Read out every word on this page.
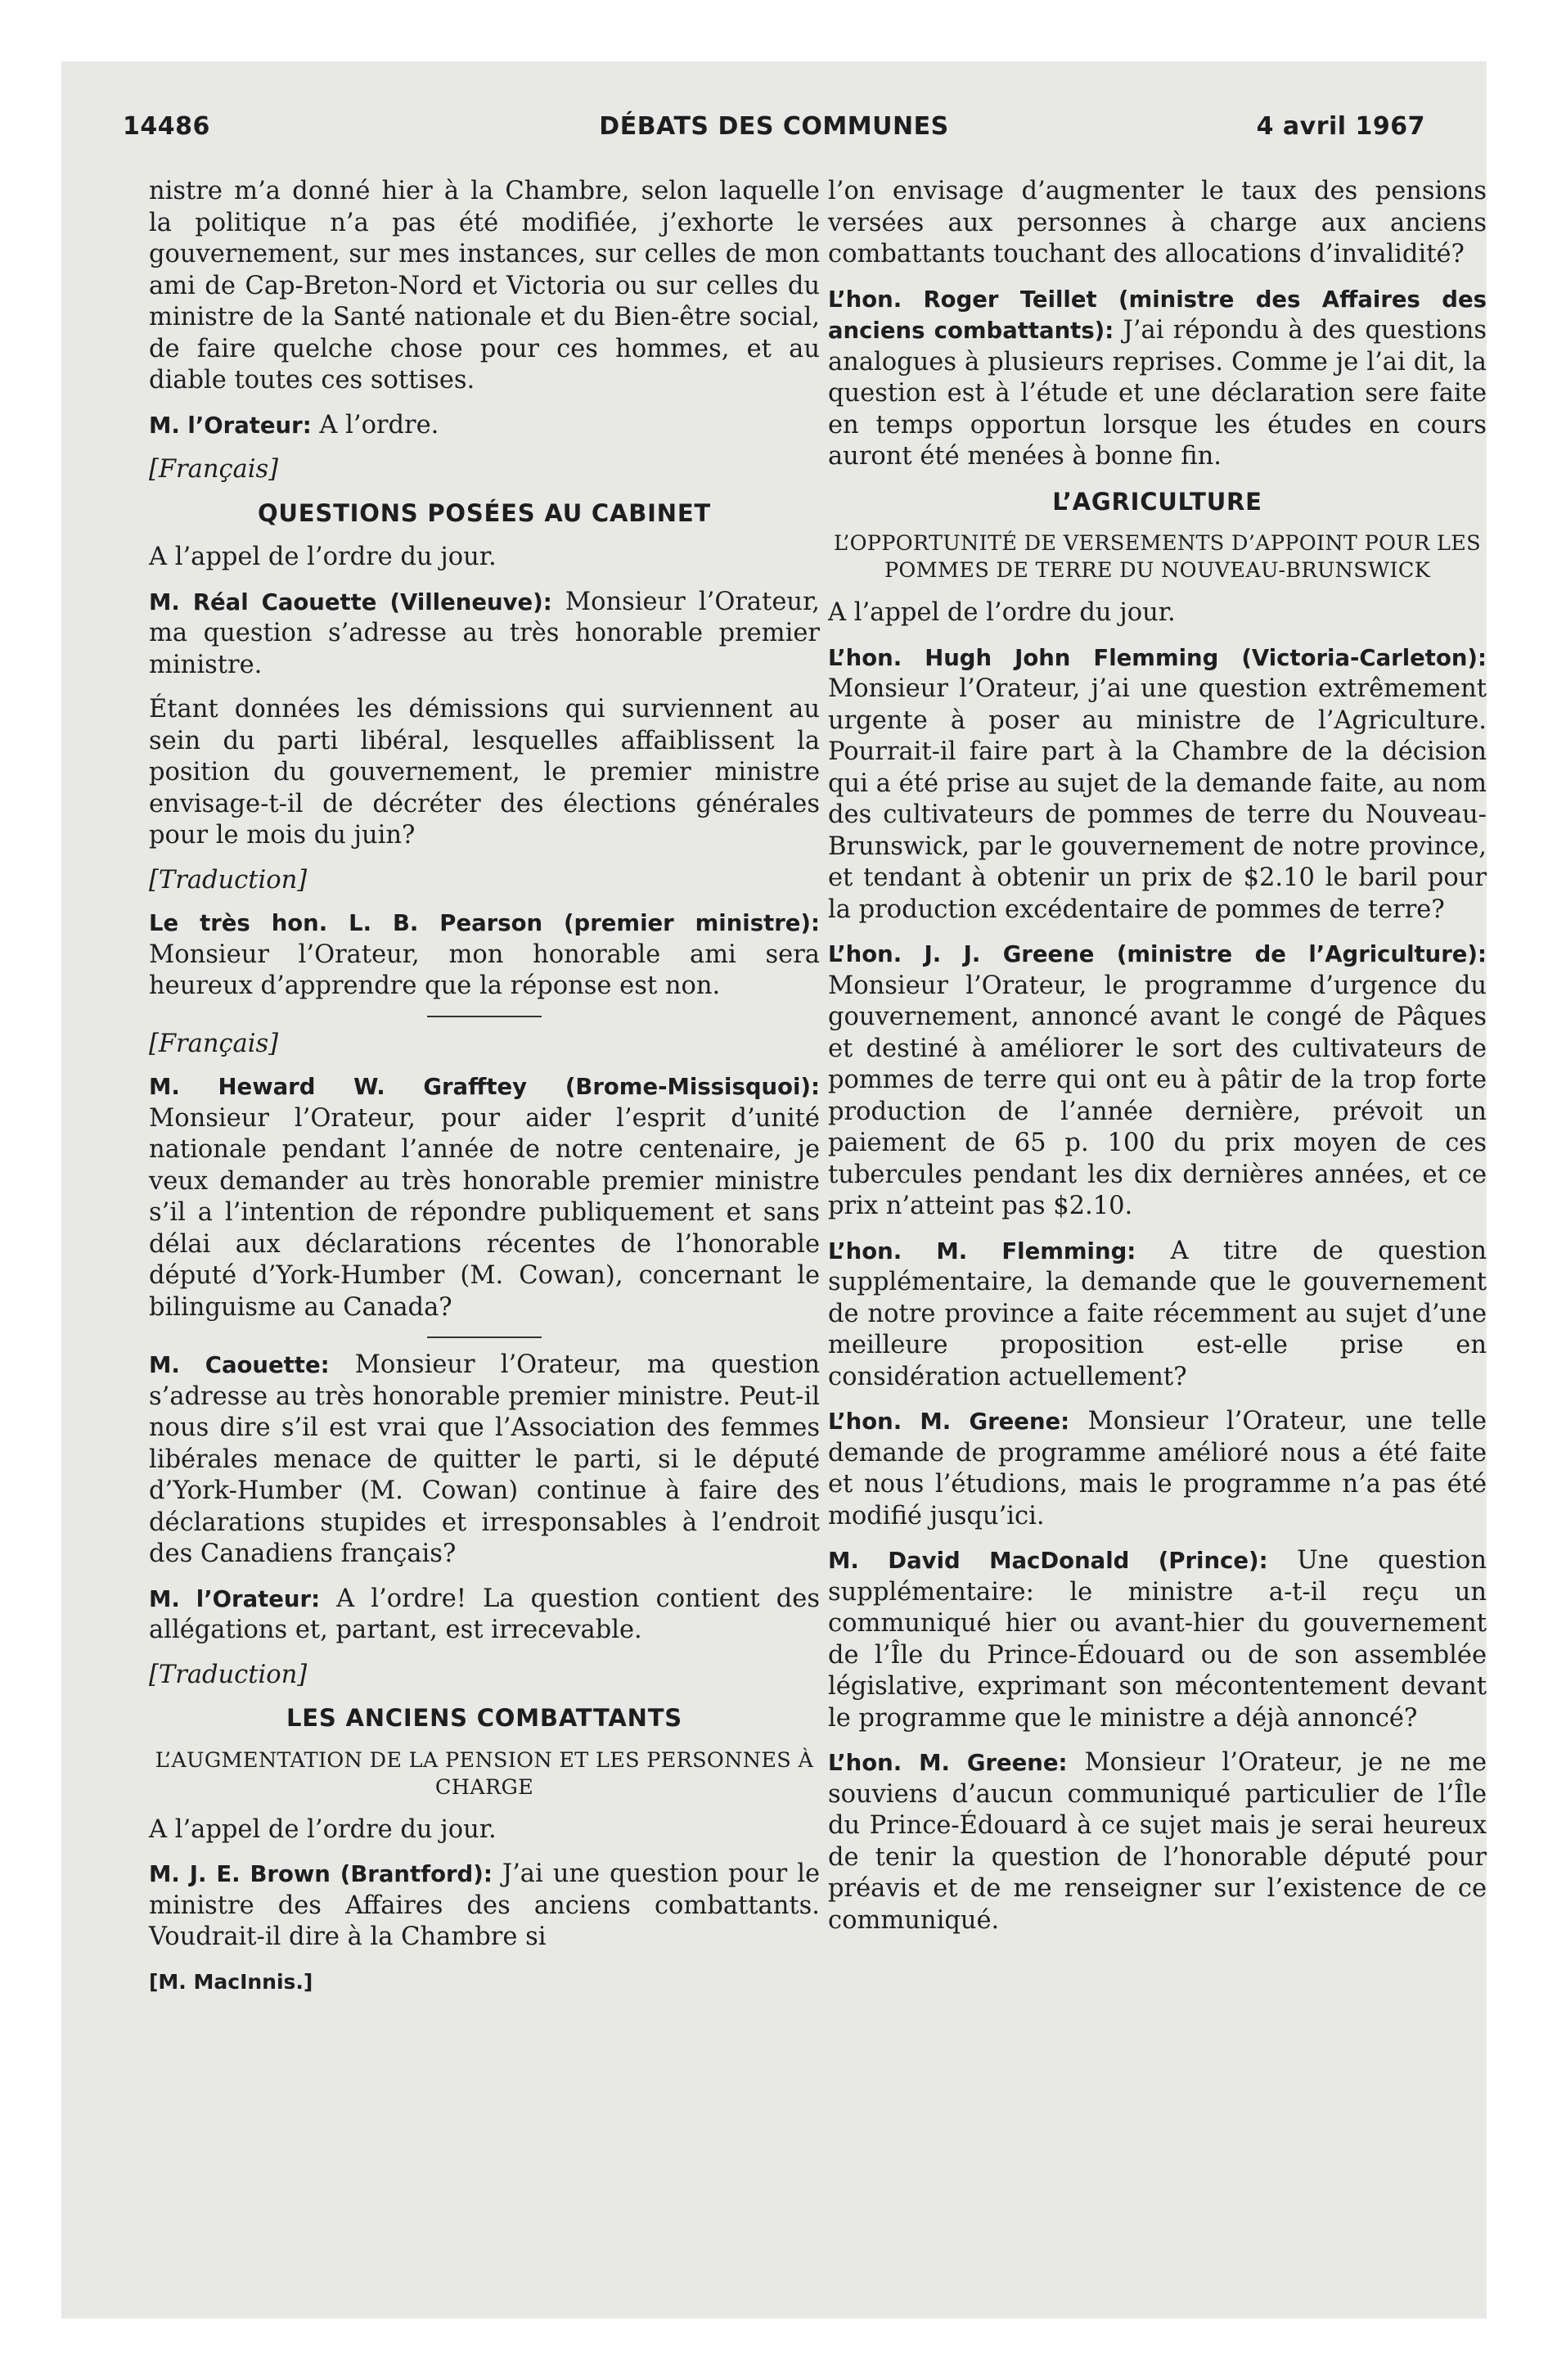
14486	DÉBATS DES COMMUNES	4 avril 1967

nistre m’a donné hier à la Chambre, selon laquelle la politique n’a pas été modifiée, j’exhorte le gouvernement, sur mes instances, sur celles de mon ami de Cap-Breton-Nord et Victoria ou sur celles du ministre de la Santé nationale et du Bien-être social, de faire quelche chose pour ces hommes, et au diable toutes ces sottises.

M. l’Orateur: A l’ordre.

[Français]

QUESTIONS POSÉES AU CABINET

A l’appel de l’ordre du jour.

M. Réal Caouette (Villeneuve): Monsieur l’Orateur, ma question s’adresse au très honorable premier ministre.

Étant données les démissions qui surviennent au sein du parti libéral, lesquelles affaiblissent la position du gouvernement, le premier ministre envisage-t-il de décréter des élections générales pour le mois du juin?

[Traduction]

Le très hon. L. B. Pearson (premier ministre): Monsieur l’Orateur, mon honorable ami sera heureux d’apprendre que la réponse est non.

[Français]

M. Heward W. Grafftey (Brome-Missisquoi): Monsieur l’Orateur, pour aider l’esprit d’unité nationale pendant l’année de notre centenaire, je veux demander au très honorable premier ministre s’il a l’intention de répondre publiquement et sans délai aux déclarations récentes de l’honorable député d’York-Humber (M. Cowan), concernant le bilinguisme au Canada?

M. Caouette: Monsieur l’Orateur, ma question s’adresse au très honorable premier ministre. Peut-il nous dire s’il est vrai que l’Association des femmes libérales menace de quitter le parti, si le député d’York-Humber (M. Cowan) continue à faire des déclarations stupides et irresponsables à l’endroit des Canadiens français?

M. l’Orateur: A l’ordre! La question contient des allégations et, partant, est irrecevable.

[Traduction]

LES ANCIENS COMBATTANTS
L’AUGMENTATION DE LA PENSION ET LES PERSONNES À CHARGE

A l’appel de l’ordre du jour.

M. J. E. Brown (Brantford): J’ai une question pour le ministre des Affaires des anciens combattants. Voudrait-il dire à la Chambre si

[M. MacInnis.]

l’on envisage d’augmenter le taux des pensions versées aux personnes à charge aux anciens combattants touchant des allocations d’invalidité?

L’hon. Roger Teillet (ministre des Affaires des anciens combattants): J’ai répondu à des questions analogues à plusieurs reprises. Comme je l’ai dit, la question est à l’étude et une déclaration sere faite en temps opportun lorsque les études en cours auront été menées à bonne fin.

L’AGRICULTURE
L’OPPORTUNITÉ DE VERSEMENTS D’APPOINT POUR LES POMMES DE TERRE DU NOUVEAU-BRUNSWICK

A l’appel de l’ordre du jour.

L’hon. Hugh John Flemming (Victoria-Carleton): Monsieur l’Orateur, j’ai une question extrêmement urgente à poser au ministre de l’Agriculture. Pourrait-il faire part à la Chambre de la décision qui a été prise au sujet de la demande faite, au nom des cultivateurs de pommes de terre du Nouveau-Brunswick, par le gouvernement de notre province, et tendant à obtenir un prix de $2.10 le baril pour la production excédentaire de pommes de terre?

L’hon. J. J. Greene (ministre de l’Agriculture): Monsieur l’Orateur, le programme d’urgence du gouvernement, annoncé avant le congé de Pâques et destiné à améliorer le sort des cultivateurs de pommes de terre qui ont eu à pâtir de la trop forte production de l’année dernière, prévoit un paiement de 65 p. 100 du prix moyen de ces tubercules pendant les dix dernières années, et ce prix n’atteint pas $2.10.

L’hon. M. Flemming: A titre de question supplémentaire, la demande que le gouvernement de notre province a faite récemment au sujet d’une meilleure proposition est-elle prise en considération actuellement?

L’hon. M. Greene: Monsieur l’Orateur, une telle demande de programme amélioré nous a été faite et nous l’étudions, mais le programme n’a pas été modifié jusqu’ici.

M. David MacDonald (Prince): Une question supplémentaire: le ministre a-t-il reçu un communiqué hier ou avant-hier du gouvernement de l’Île du Prince-Édouard ou de son assemblée législative, exprimant son mécontentement devant le programme que le ministre a déjà annoncé?

L’hon. M. Greene: Monsieur l’Orateur, je ne me souviens d’aucun communiqué particulier de l’Île du Prince-Édouard à ce sujet mais je serai heureux de tenir la question de l’honorable député pour préavis et de me renseigner sur l’existence de ce communiqué.
